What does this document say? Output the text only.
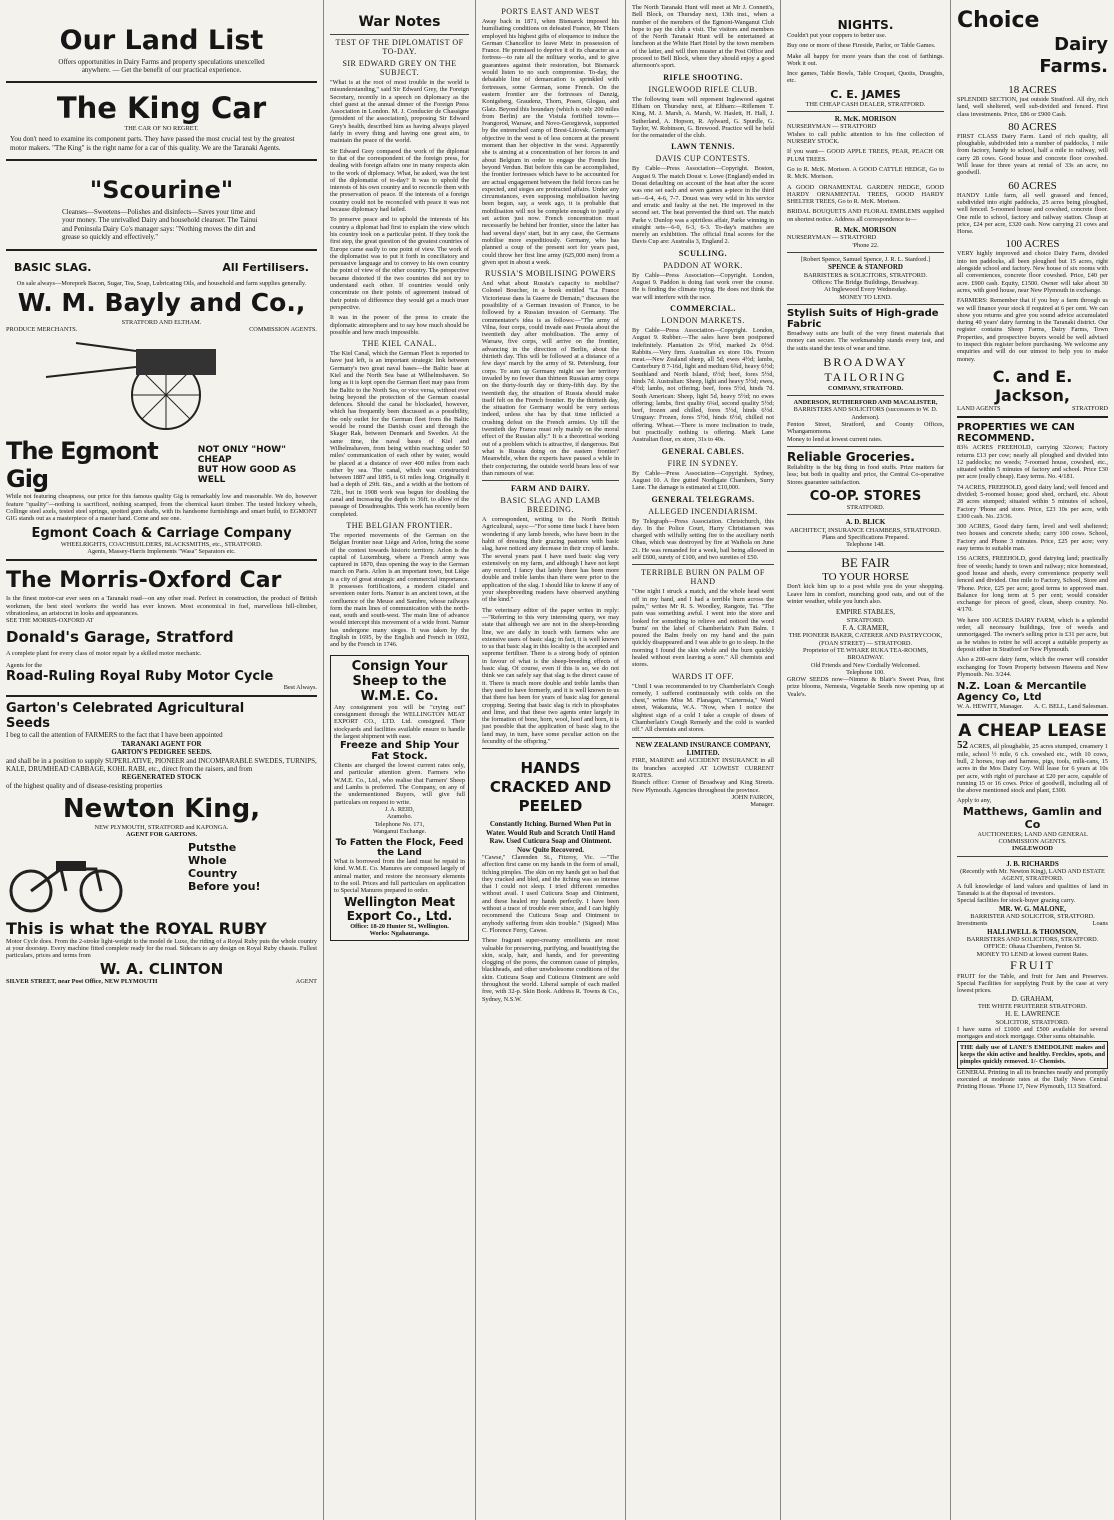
Our Land List
Offers opportunities in Dairy Farms and property speculations unexcelled anywhere. — Get the benefit of our practical experience.
The King Car
THE CAR OF NO REGRET.
You don't need to examine its component parts. They have passed the most crucial test by the greatest motor makers. "The King" is the right name for a car of this quality. We are the Taranaki Agents.
"Scourine"
Cleanses—Sweetens—Polishes and disinfects—Saves your time and your money. The unrivalled Dairy and household cleanser. The Tainui and Peninsula Dairy Co's manager says: "Nothing moves the dirt and grease so quickly and effectively."
BASIC SLAG.	All Fertilisers.
On sale always—Morepork Bacon, Sugar, Tea, Soap, Lubricating Oils, and household and farm supplies generally.
W. M. Bayly and Co.,
STRATFORD AND ELTHAM.
PRODUCE MERCHANTS.	COMMISSION AGENTS.
The Egmont Gig
NOT ONLY "HOW" CHEAP
BUT HOW GOOD AS WELL
While not featuring cheapness, our price for this famous quality Gig is remarkably low and reasonable. We do, however feature "quality"—nothing is sacrificed, nothing scamped, from the chemical kauri timber. The tested hickory wheels, Collinge steel axels, tested steel springs, spotted gum shafts, with its handsome furnishings and smart build, to EGMONT GIG stands out as a masterpiece of a master hand. Come and see one.
Egmont Coach & Carriage Company
WHEELRIGHTS, COACHBUILDERS, BLACKSMITHS, etc., STRATFORD.
Agents, Massey-Harris Implements "Wasa" Separators etc.
The Morris-Oxford Car
Is the finest motor-car ever seen on a Taranaki road—on any other road. Perfect in construction, the product of British workmen, the best steel workers the world has ever known. Most economical in fuel, marvellous hill-climber, vibrationless, an aristocrat in looks and appearances.
SEE THE MORRIS-OXFORD AT
Donald's Garage, Stratford
A complete plant for every class of motor repair by a skilled motor mechanic.
Agents for the
Road-Ruling Royal Ruby Motor Cycle
Best Always.
Garton's Celebrated Agricultural
Seeds
I beg to call the attention of FARMERS to the fact that I have been appointed
TARANAKI AGENT FOR
GARTON'S PEDIGREE SEEDS.
and shall be in a position to supply SUPERLATIVE, PIONEER and INCOMPARABLE SWEDES, TURNIPS, KALE, DRUMHEAD CABBAGE, KOHL RABI, etc., direct from the raisers, and from
REGENERATED STOCK
of the highest quality and of disease-resisting properties
Newton King,
NEW PLYMOUTH, STRATFORD and KAPONGA.
AGENT FOR GARTONS.
Putsthe
Whole
Country
Before you!
This is what the ROYAL RUBY
Motor Cycle does. From the 2-stroke light-weight to the model de Luxe, the riding of a Royal Ruby puts the whole country at your doorstep. Every machine fitted complete ready for the road. Sidecars to any design on Royal Ruby chassis. Fullest particulars, prices and terms from
W. A. CLINTON
SILVER STREET, near Post Office, NEW PLYMOUTH	AGENT
War Notes
TEST OF THE DIPLOMATIST OF TO-DAY.
SIR EDWARD GREY ON THE SUBJECT.

"What is at the root of most trouble in the world is misunderstanding," said Sir Edward Grey, the Foreign Secretary, recently in a speech on diplomacy as the chief guest at the annual dinner of the Foreign Press Association in London. M. J. Conducier de Chassigne (president of the association), proposing Sir Edward Grey's health, described him as having always played fairly in every thing and having one great aim, to maintain the peace of the world.

Sir Edward Grey compared the work of the diplomat to that of the correspondent of the foreign press, for dealing with foreign affairs one in many respects akin to the work of diplomacy. What, he asked, was the test of the diplomatist of to-day? It was to uphold the interests of his own country and to reconcile them with the preservation of peace. If the interests of a foreign country could not be reconciled with peace it was not because diplomacy had failed.

To preserve peace and to uphold the interests of his country a diplomat had first to explain the view which his country took on a particular point. If they took the first step, the great question of the greatest countries of Europe came easily to one point of view. The work of the diplomatist was to put it forth in conciliatory and persuasive language and to convey to his own country the point of view of the other country. The perspective became distorted if the two countries did not try to understand each other. If countries would only concentrate on their points of agreement instead of their points of difference they would get a much truer perspective.

It was in the power of the press to create the diplomatic atmosphere and to say how much should be possible and how much impossible.

THE KIEL CANAL.

The Kiel Canal, which the German Fleet is reported to have just left, is an important strategic link between Germany's two great naval bases—the Baltic base at Kiel and the North Sea base at Wilhelmshaven. So long as it is kept open the German fleet may pass from the Baltic to the North Sea, or vice versa, without ever being beyond the protection of the German coastal defences. Should the canal be blockaded, however, which has frequently been discussed as a possibility, the only outlet for the German fleet from the Baltic would be round the Danish coast and through the Skager Rak, between Denmark and Sweden. At the same time, the naval bases of Kiel and Wilhelmshaven, from being within reaching under 50 miles' communication of each other by water, would be placed at a distance of over 400 miles from each other by sea. The canal, which was constructed between 1887 and 1895, is 61 miles long. Originally it had a depth of 29ft. 6in., and a width at the bottom of 72ft., but in 1908 work was begun for doubling the canal and increasing the depth to 36ft. to allow of the passage of Dreadnoughts. This work has recently been completed.

THE BELGIAN FRONTIER.

The reported movements of the German on the Belgian frontier near Liège and Arlon, bring the scene of the contest towards historic territory. Arlon is the capital of Luxemburg, where a French army was captured in 1870, thus opening the way to the German march on Paris. Arlon is an important town, but Liège is a city of great strategic and commercial importance. It possesses fortifications, a modern citadel and seventeen outer forts. Namur is an ancient town, at the confluence of the Meuse and Sambre, whose railways form the main lines of communication with the north-east, south and south-west. The main line of advance would intercept this movement of a wide front. Namur has undergone many sieges. It was taken by the English in 1695, by the English and French in 1692, and by the French in 1746.

Consign Your Sheep to the W.M.E. Co.
Any consignment you will be "crying out" consignment through the WELLINGTON MEAT EXPORT CO., LTD. Ltd. consigned. Their stockyards and facilities available ensure to handle the largest shipment with ease.
Freeze and Ship Your Fat Stock.
Clients are charged the lowest current rates only, and particular attention given. Farmers who W.M.E. Co., Ltd., who realise that Farmers' Sheep and Lambs is preferred. The Company, on any of the undermentioned Buyers, will give full particulars on request to write.
J. A. REID,
Aramoho.
Telephone No. 171,
Wanganui Exchange.
To Fatten the Flock, Feed the Land
What is borrowed from the land must be repaid in kind. W.M.E. Co. Manures are composed largely of animal matter, and restore the necessary elements to the soil. Prices and full particulars on application to Special Manures prepared to order.
Wellington Meat Export Co., Ltd.
Office: 18-20 Hunter St., Wellington.
Works: Ngahauranga.
PORTS EAST AND WEST

Away back in 1871, when Bismarck imposed his humiliating conditions on defeated France, Mr Thiers employed his highest gifts of eloquence to induce the German Chancellor to leave Metz in possession of France. He promised to deprive it of its character as a fortress—to rate all the military works, and to give guarantees against their restoration, but Bismarck would listen to no such compromise. To-day, the debatable line of demarcation is sprinkled with fortresses, some German, some French. On the eastern frontier are the fortresses of Danzig, Konigsberg, Graudenz, Thorn, Posen, Glogau, and Glatz. Beyond this boundary (which is only 200 miles from Berlin) are the Vistula fortified towns—Ivangorod, Warsaw, and Novo-Georgievsk, supported by the entrenched camp of Brest-Litovsk. Germany's objective in the west is of less concern at the present moment than her objective in the west. Apparently she is aiming at a concentration of her forces in and about Belgium in order to engage the French line beyond Verdun. But before this can be accomplished, the frontier fortresses which have to be accounted for are actual engagement between the field forces can be expected, and sieges are protracted affairs. Under any circumstances, even supposing mobilisation having been begun, say, a week ago, it is probable that mobilisation will not be complete enough to justify a set action just now. French concentration must necessarily be behind her frontier, since the latter has had several days' start, but in any case, the Germans mobilise more expeditiously. Germany, who has planned a coup of the present sort for years past, could throw her first line army (625,000 men) from a given spot in about a week.

RUSSIA'S MOBILISING POWERS

And what about Russia's capacity to mobilise? Colonel Boucher, in a book entitled "La France Victorieuse dans la Guerre de Demain," discusses the possibility of a German invasion of France, to be followed by a Russian invasion of Germany. The commentator's idea is as follows:—"The army of Vilna, four corps, could invade east Prussia about the twentieth day after mobilisation. The army of Warsaw, five corps, will arrive on the frontier, advancing in the direction of Berlin, about the thirtieth day. This will be followed at a distance of a few days' march by the army of St. Petersburg, four corps. To sum up Germany might see her territory invaded by no fewer than thirteen Russian army corps on the thirty-fourth day or thirty-fifth day. By the twentieth day, the situation of Russia should make itself felt on the French frontier. By the thirtieth day, the situation for Germany would be very serious indeed, unless she has by that time inflicted a crushing defeat on the French armies. Up till the twentieth day France must rely mainly on the moral effect of the Russian ally." It is a theoretical working out of a problem which is attractive, if dangerous. But what is Russia doing on the eastern frontier? Meanwhile, when the experts have paused a while in their conjecturing, the outside world hears less of war than rumours of war.

FARM AND DAIRY.
BASIC SLAG AND LAMB BREEDING.

A correspondent, writing to the North British Agricultural, says:—"For some time back I have been wondering if any lamb breeds, who have been in the habit of dressing their grazing pastures with basic slag, have noticed any decrease in their crop of lambs. The several years past I have used basic slag very extensively on my farm, and although I have not kept any record, I fancy that lately there has been more double and treble lambs than there were prior to the application of the slag. I should like to know if any of your sheepbreeding readers have observed anything of the kind."

The veterinary editor of the paper writes in reply:—"Referring to this very interesting query, we may state that although we are not in the sheep-breeding line, we are daily in touch with farmers who are extensive users of basic slag; in fact, it is well known to us that basic slag in this locality is the accepted and supreme fertiliser. There is a strong body of opinion in favour of what is the sheep-breeding effects of basic slag. Of course, even if this is so, we do not think we can safely say that slag is the direct cause of it. There is much more double and treble lambs than they used to have formerly, and it is well known to us that there has been for years of basic slag for general cropping. Seeing that basic slag is rich in phosphates and lime, and that these two agents enter largely in the formation of bone, horn, wool, hoof and horn, it is just possible that the application of basic slag to the land may, in turn, have some peculiar action on the fecundity of the offspring."

HANDS CRACKED AND PEELED
Constantly Itching. Burned When Put in Water. Would Rub and Scratch Until Hand Raw. Used Cuticura Soap and Ointment. Now Quite Recovered.

"Cawse," Clarenden St., Fitzroy, Vic. —"The affection first came on my hands in the form of small, itching pimples. The skin on my hands got so bad that they cracked and bled, and the itching was so intense that I could not sleep. I tried different remedies without avail. I used Cuticura Soap and Ointment, and these healed my hands perfectly. I have been without a trace of trouble ever since, and I can highly recommend the Cuticura Soap and Ointment to anybody suffering from skin trouble." (Signed) Miss C. Florence Ferry, Cawse.

These fragrant super-creamy emollients are most valuable for preserving, purifying, and beautifying the skin, scalp, hair, and hands, and for preventing clogging of the pores, the common cause of pimples, blackheads, and other unwholesome conditions of the skin. Cuticura Soap and Cuticura Ointment are sold throughout the world. Liberal sample of each mailed free, with 32-p. Skin Book. Address R. Towns & Co., Sydney, N.S.W.

The North Taranaki Hunt will meet at Mr J. Connett's, Bell Block, on Thursday next, 13th inst., when a number of the members of the Egmont-Wanganui Club hope to pay the club a visit. The visitors and members of the North Taranaki Hunt will be entertained at luncheon at the White Hart Hotel by the town members of the latter, and will then muster at the Post Office and proceed to Bell Block, where they should enjoy a good afternoon's sport.

RIFLE SHOOTING.
INGLEWOOD RIFLE CLUB.

The following team will represent Inglewood against Eltham on Thursday next, at Eltham:—Riflemen T. King, M. J. Marsh, A. Marsh, W. Haslett, H. Hall, J. Sutherland, A. Hopson, R. Aylward, G. Spurdle, G. Taylor, W. Robinson, G. Brewood. Practice will be held for the remainder of the club.

LAWN TENNIS.
DAVIS CUP CONTESTS.

By Cable—Press Association—Copyright. Boston, August 9. The match Doust v. Lowe (England) ended in Doust defaulting on account of the heat after the score was one set each and seven games a-piece in the third set—6-4, 4-6, 7-7. Doust was very wild in his service and erratic and faulty at the net. He improved in the second set. The heat prevented the third set. The match Parke v. Dunlop was a spiritless affair, Parke winning in straight sets—6-0, 6-3, 6-3. To-day's matches are merely an exhibition. The official final scores for the Davis Cup are: Australia 3, England 2.

SCULLING.
PADDON AT WORK.

By Cable—Press Association—Copyright. London, August 9. Paddon is doing fast work over the course. He is finding the climate trying. He does not think the war will interfere with the race.

COMMERCIAL.
LONDON MARKETS.

By Cable—Press Association—Copyright. London, August 9. Rubber.—The sales have been postponed indefinitely. Plantation 2s 9½d, marked 2s 0½d. Rabbits.—Very firm. Australian ex store 10s. Frozen meat.—New Zealand sheep, all 5d; ewes 4½d; lambs, Canterbury 8 7-16d, light and medium 6¾d, heavy 6½d; Southland and North Island, 6½d; beef, fores 5½d, hinds 7d. Australian: Sheep, light and heavy 5½d; ewes, 4½d; lambs, not offering; beef, fores 5½d, hinds 7d. South American: Sheep, light 5d, heavy 5½d; no ewes offering; lambs, first quality 6¼d, second quality 5½d; beef, frozen and chilled, fores 5½d, hinds 6½d. Uruguay: Frozen, fores 5½d, hinds 6½d, chilled not offering. Wheat.—There is more inclination to trade, but practically nothing is offering. Mark Lane Australian flour, ex store, 31s to 40s.

GENERAL CABLES.
FIRE IN SYDNEY.

By Cable—Press Association—Copyright. Sydney, August 10. A fire gutted Northgate Chambers, Surry Lane. The damage is estimated at £10,000.

GENERAL TELEGRAMS.
ALLEGED INCENDIARISM.

By Telegraph—Press Association. Christchurch, this day. In the Police Court, Harry Christiansen was charged with wilfully setting fire to the auxiliary north Ohau, which was destroyed by fire at Waihola on June 21. He was remanded for a week, bail being allowed in self £600, surety of £100, and two sureties of £50.

TERRIBLE BURN ON PALM OF HAND

"One night I struck a match, and the whole head went off in my hand, and I had a terrible burn across the palm," writes Mr R. S. Woodley, Rangote, Tai. "The pain was something awful. I went into the store and looked for something to relieve and noticed the word 'burns' on the label of Chamberlain's Pain Balm. I poured the Balm freely on my hand and the pain quickly disappeared and I was able to go to sleep. In the morning I found the skin whole and the burn quickly healed without even leaving a sore." All chemists and stores.

WARDS IT OFF.

"Until I was recommended to try Chamberlain's Cough remedy, I suffered continuously with colds on the chest," writes Miss M. Flanagan, "Carternsia," Ward street, Wakanuia, W.A. "Now, when I notice the slightest sign of a cold I take a couple of doses of Chamberlain's Cough Remedy and the cold is warded off." All chemists and stores.

NEW ZEALAND INSURANCE COMPANY, LIMITED.
FIRE, MARINE and ACCIDENT INSURANCE in all its branches accepted AT LOWEST CURRENT RATES.
Branch office: Corner of Broadway and King Streets. New Plymouth. Agencies throughout the province.
JOHN FAIRON,
Manager.
NIGHTS.

Couldn't put your coppers to better use.

Buy one or more of these Fireside, Parlor, or Table Games.

Make all happy for more years than the cost of farthings. Work it out.

Ince games, Table Bowls, Table Croquet, Quoits, Draughts, etc.

C. E. JAMES
THE CHEAP CASH DEALER, STRATFORD.
R. McK. MORISON
NURSERYMAN — STRATFORD

Wishes to call public attention to his fine collection of NURSERY STOCK.

If you want— GOOD APPLE TREES, PEAR, PEACH OR PLUM TREES.

Go to R. McK. Morison. A GOOD CATTLE HEDGE, Go to R. McK. Morison.

A GOOD ORNAMENTAL GARDEN HEDGE, GOOD HARDY ORNAMENTAL TREES, GOOD HARDY SHELTER TREES, Go to R. McK. Morison.

BRIDAL BOUQUETS AND FLORAL EMBLEMS supplied on shortest notice. Address all correspondence to—

R. McK. MORISON
NURSERYMAN — STRATFORD
'Phone 22.
[Robert Spence, Samuel Spence, J. R. L. Stanford.]
SPENCE & STANFORD
BARRISTERS & SOLICITORS, STRATFORD.
Offices: The Bridge Buildings, Broadway.
At Inglewood Every Wednesday.
MONEY TO LEND.
Stylish Suits of High-grade Fabric

Broadway suits are built of the very finest materials that money can secure. The workmanship stands every test, and the suits stand the tests of wear and time.

BROADWAY TAILORING
COMPANY, STRATFORD.
ANDERSON, RUTHERFORD AND MACALISTER,
BARRISTERS AND SOLICITORS (successors to W. D. Anderson).
Fenton Street, Stratford, and County Offices, Whangamomona.
Money to lend at lowest current rates.
Reliable Groceries.

Reliability is the big thing in food stuffs. Prize matters far less; but both in quality and price, the Central Co-operative Stores guarantee satisfaction.

CO-OP. STORES
STRATFORD.
A. D. BLICK
ARCHITECT, INSURANCE CHAMBERS, STRATFORD.
Plans and Specifications Prepared.
Telephone 148.
BE FAIR
TO YOUR HORSE

Don't kick him up to a post while you do your shopping. Leave him in comfort, munching good oats, and out of the winter weather, while you lunch also.

EMPIRE STABLES,
STRATFORD.
F. A. CRAMER,
THE PIONEER BAKER, CATERER AND PASTRYCOOK,
(FOAN STREET) — STRATFORD.
Proprietor of TE WHARE RUKA TEA-ROOMS, BROADWAY.
Old Friends and New Cordially Welcomed.
Telephone 100.

GROW SEEDS now—Nimmo & Blair's Sweet Peas, first prize blooms, Nemesia, Vegetable Seeds now opening up at Veale's.

Choice
Dairy
Farms.
18 ACRES

SPLENDID SECTION, just outside Stratford. All dry, rich land, well sheltered, well sub-divided and fenced. First class investments. Price, £86 or £900 Cash.

80 ACRES

FIRST CLASS Dairy Farm. Land of rich quality, all ploughable, subdivided into a number of paddocks, 1 mile from factory, handy to school, half a mile to railway, will carry 28 cows. Good house and concrete floor cowshed. Will lease for three years at rental of 33s an acre, no goodwill.

60 ACRES

HANDY Little farm, all well grassed and fenced, subdivided into eight paddocks, 25 acres being ploughed, well fenced. 5-roomed house and cowshed, concrete floor. One mile to school, factory and railway station. Cheap at price, £24 per acre, £320 cash. Now carrying 21 cows and Horse.

100 ACRES

VERY highly improved and choice Dairy Farm, divided into ten paddocks, all been ploughed but 15 acres, right alongside school and factory. New house of six rooms with all conveniences, concrete floor cowshed. Price, £40 per acre. £900 cash. Equity, £1500. Owner will take about 30 acres, with good house, near New Plymouth in exchange.

FARMERS: Remember that if you buy a farm through us we will finance your stock if required at 6 per cent. We can show you returns and give you sound advice accumulated during 40 years' dairy farming in the Taranaki district. Our register contains Sheep Farms, Dairy Farms, Town Properties, and prospective buyers would be well advised to inspect this register before purchasing. We welcome any enquiries and will do our utmost to help you to make money.

C. and E. Jackson,
LAND AGENTS	STRATFORD
PROPERTIES WE CAN RECOMMEND.

83¾ ACRES FREEHOLD, carrying 32cows; Factory returns £13 per cow; nearly all ploughed and divided into 12 paddocks; no weeds; 7-roomed house, cowshed, etc., situated within 5 minutes of factory and school. Price £30 per acre (really cheap). Easy terms. No. 4/181.

74 ACRES, FREEHOLD, good dairy land; well fenced and divided; 5-roomed house; good shed, orchard, etc. About 28 acres stumped; situated within 5 minutes of school, Factory 'Phone and store. Price, £23 10s per acre, with £300 cash. No. 23/36.

300 ACRES, Good dairy farm, level and well sheltered; two houses and concrete sheds; carry 100 cows. School, Factory and Phone 3 minutes. Price, £25 per acre; very easy terms to suitable man.

156 ACRES, FREEHOLD, good dairying land; practically free of weeds; handy to town and railway; nice homestead, good house and sheds, every convenience property well fenced and divided. One mile to Factory, School, Store and 'Phone. Price, £25 per acre; good terms to approved man. Balance for long term at 5 per cent; would consider exchange for pieces of good, clean, sheep country. No. 4/170.

We have 100 ACRES DAIRY FARM, which is a splendid order, all necessary buildings, free of weeds and unmortgaged. The owner's selling price is £31 per acre, but as he wishes to retire he will accept a suitable property as deposit either in Stratford or New Plymouth.

Also a 200-acre dairy farm, which the owner will consider exchanging for Town Property between Hawera and New Plymouth. No. 3/244.

N.Z. Loan & Mercantile Agency Co, Ltd
W. A. HEWITT, Manager. A. C. BELL, Land Salesman.
A CHEAP LEASE

52 ACRES, all ploughable, 25 acres stumped, creamery 1 mile, school ½ mile, 6 r.h. cowshed etc., with 10 cows, bull, 2 horses, trap and harness, pigs, tools, milk-cans, 15 acres in the Mos Dairy Coy. Will lease for 6 years at 10s per acre, with right of purchase at £20 per acre, capable of running 15 or 16 cows. Price of goodwill, including all of the above mentioned stock and plant, £300.

Apply to any,
Matthews, Gamlin and Co
AUCTIONEERS; LAND AND GENERAL COMMISSION AGENTS.
INGLEWOOD
J. B. RICHARDS
(Recently with Mr. Newton King), LAND AND ESTATE AGENT, STRATFORD.
A full knowledge of land values and qualities of land in Taranaki is at the disposal of investors.
Special facilities for stock-buyer grazing carry.
MR. W. G. MALONE,
BARRISTER AND SOLICITOR, STRATFORD.
Investments	Loans
HALLIWELL & THOMSON,
BARRISTERS AND SOLICITORS, STRATFORD.
OFFICE: Ohaua Chambers, Fenton St.
MONEY TO LEND at lowest current Rates.
FRUIT
FRUIT for the Table, and fruit for Jam and Preserves. Special Facilities for supplying Fruit by the case at very lowest prices.
D. GRAHAM,
THE WHITE FRUITERER STRATFORD.
H. E. LAWRENCE
SOLICITOR, STRATFORD.
I have sums of £1000 and £500 available for several mortgages and stock mortgage. Other sums obtainable.
THE daily use of LANE'S EMEDOLINE makes and keeps the skin active and healthy. Freckles, spots, and pimples quickly removed. 1/- Chemists.
GENERAL Printing in all its branches neatly and promptly executed at moderate rates at the Daily News Central Printing House. 'Phone 17, New Plymouth, 113 Stratford.
